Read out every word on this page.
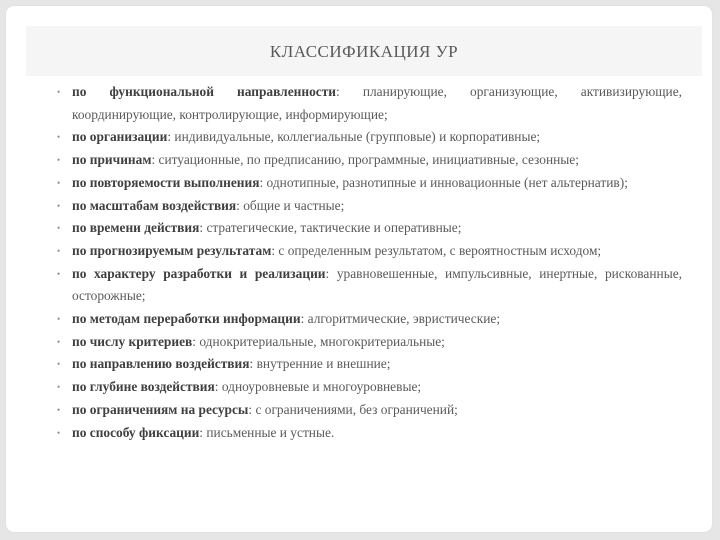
КЛАССИФИКАЦИЯ УР
• по функциональной направленности: планирующие, организующие, активизирующие, координирующие, контролирующие, информирующие;
• по организации: индивидуальные, коллегиальные (групповые) и корпоративные;
• по причинам: ситуационные, по предписанию, программные, инициативные, сезонные;
• по повторяемости выполнения: однотипные, разнотипные и инновационные (нет альтернатив);
• по масштабам воздействия: общие и частные;
• по времени действия: стратегические, тактические и оперативные;
• по прогнозируемым результатам: с определенным результатом, с вероятностным исходом;
• по характеру разработки и реализации: уравновешенные, импульсивные, инертные, рискованные, осторожные;
• по методам переработки информации: алгоритмические, эвристические;
• по числу критериев: однокритериальные, многокритериальные;
• по направлению воздействия: внутренние и внешние;
• по глубине воздействия: одноуровневые и многоуровневые;
• по ограничениям на ресурсы: с ограничениями, без ограничений;
• по способу фиксации: письменные и устные.
